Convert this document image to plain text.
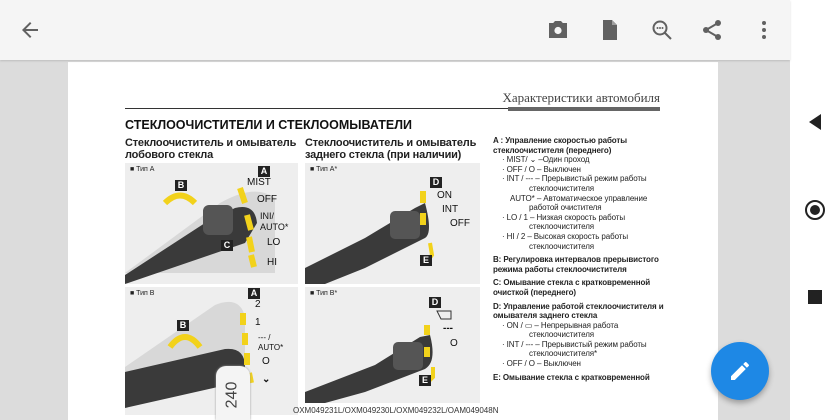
Характеристики автомобиля
СТЕКЛООЧИСТИТЕЛИ И СТЕКЛООМЫВАТЕЛИ
Стеклоочиститель и омыватель лобового стекла
Стеклоочиститель и омыватель заднего стекла (при наличии)
■ Тип A	A
B
C
MIST
OFF
INI/
AUTO*
LO
HI
■ Тип A*
D
E
ON
INT
OFF
■ Тип B	A
B
2
1
--- /
AUTO*
O
⌄
■ Тип B*
D
E
---
O
240
OXM049231L/OXM049230L/OXM049232L/OAM049048N

A : Управление скоростью работы стеклоочистителя (переднего)

· MIST/ ⌄ –Один проход

· OFF / O – Выключен

· INT / --- – Прерывистый режим работы

стеклоочистителя

AUTO* – Автоматическое управление

работой очистителя

· LO / 1 – Низкая скорость работы

стеклоочистителя

· HI / 2 – Высокая скорость работы

стеклоочистителя

B: Регулировка интервалов прерывистого режима работы стеклоочистителя

C: Омывание стекла с кратковременной очисткой (переднего)

D: Управление работой стеклоочистителя и омывателя заднего стекла

· ON / ▭ – Непрерывная работа

стеклоочистителя

· INT / --- – Прерывистый режим работы

стеклоочистителя*

· OFF / O – Выключен

E: Омывание стекла с кратковременной
